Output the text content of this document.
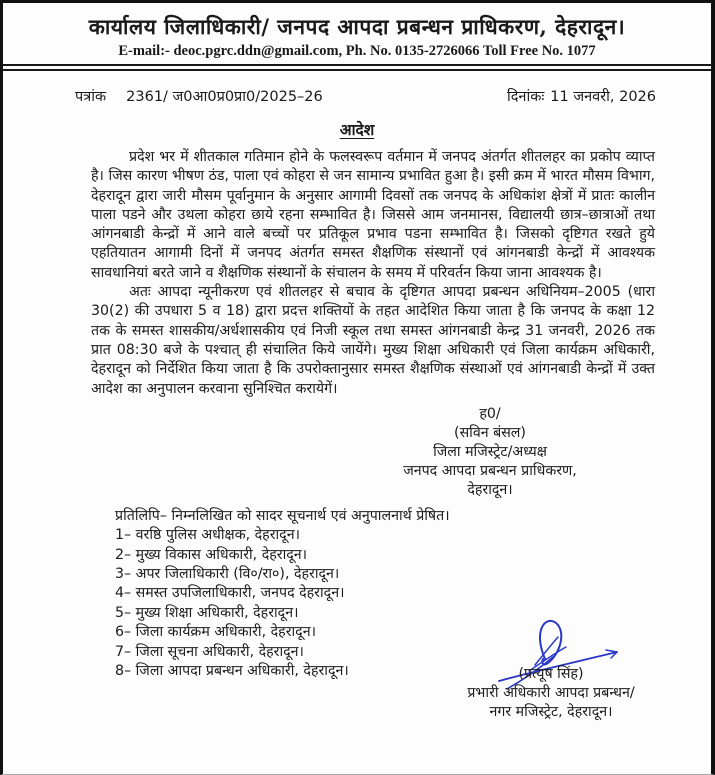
कार्यालय जिलाधिकारी/ जनपद आपदा प्रबन्धन प्राधिकरण, देहरादून।
E-mail:- deoc.pgrc.ddn@gmail.com, Ph. No. 0135-2726066 Toll Free No. 1077
पत्रांक 2361/ ज0आ0प्र0प्रा0/2025–26	दिनांकः 11 जनवरी, 2026
आदेश

प्रदेश भर में शीतकाल गतिमान होने के फलस्वरूप वर्तमान में जनपद अंतर्गत शीतलहर का प्रकोप व्याप्त है। जिस कारण भीषण ठंड, पाला एवं कोहरा से जन सामान्य प्रभावित हुआ है। इसी क्रम में भारत मौसम विभाग, देहरादून द्वारा जारी मौसम पूर्वानुमान के अनुसार आगामी दिवसों तक जनपद के अधिकांश क्षेत्रों में प्रातः कालीन पाला पडने और उथला कोहरा छाये रहना सम्भावित है। जिससे आम जनमानस, विद्यालयी छात्र–छात्राओं तथा आंगनबाडी केन्द्रों में आने वाले बच्चों पर प्रतिकूल प्रभाव पडना सम्भावित है। जिसको दृष्टिगत रखते हुये एहतियातन आगामी दिनों में जनपद अंतर्गत समस्त शैक्षणिक संस्थानों एवं आंगनबाडी केन्द्रों में आवश्यक सावधानियां बरते जाने व शैक्षणिक संस्थानों के संचालन के समय में परिवर्तन किया जाना आवश्यक है।

अतः आपदा न्यूनीकरण एवं शीतलहर से बचाव के दृष्टिगत आपदा प्रबन्धन अधिनियम–2005 (धारा 30(2) की उपधारा 5 व 18) द्वारा प्रदत्त शक्तियों के तहत आदेशित किया जाता है कि जनपद के कक्षा 12 तक के समस्त शासकीय/अर्धशासकीय एवं निजी स्कूल तथा समस्त आंगनबाडी केन्द्र 31 जनवरी, 2026 तक प्रात 08:30 बजे के पश्चात् ही संचालित किये जायेंगे। मुख्य शिक्षा अधिकारी एवं जिला कार्यक्रम अधिकारी, देहरादून को निर्देशित किया जाता है कि उपरोक्तानुसार समस्त शैक्षणिक संस्थाओं एवं आंगनबाडी केन्द्रों में उक्त आदेश का अनुपालन करवाना सुनिश्चित करायेगें।

ह0/
(सविन बंसल)
जिला मजिस्ट्रेट/अध्यक्ष
जनपद आपदा प्रबन्धन प्राधिकरण,
देहरादून।
प्रतिलिपि– निम्नलिखित को सादर सूचनार्थ एवं अनुपालनार्थ प्रेषित।
1– वरष्ठि पुलिस अधीक्षक, देहरादून।
2– मुख्य विकास अधिकारी, देहरादून।
3– अपर जिलाधिकारी (वि०/रा०), देहरादून।
4– समस्त उपजिलाधिकारी, जनपद देहरादून।
5– मुख्य शिक्षा अधिकारी, देहरादून।
6– जिला कार्यक्रम अधिकारी, देहरादून।
7– जिला सूचना अधिकारी, देहरादून।
8– जिला आपदा प्रबन्धन अधिकारी, देहरादून।	(प्रत्यूष सिंह)
प्रभारी अधिकारी आपदा प्रबन्धन/
नगर मजिस्ट्रेट, देहरादून।
